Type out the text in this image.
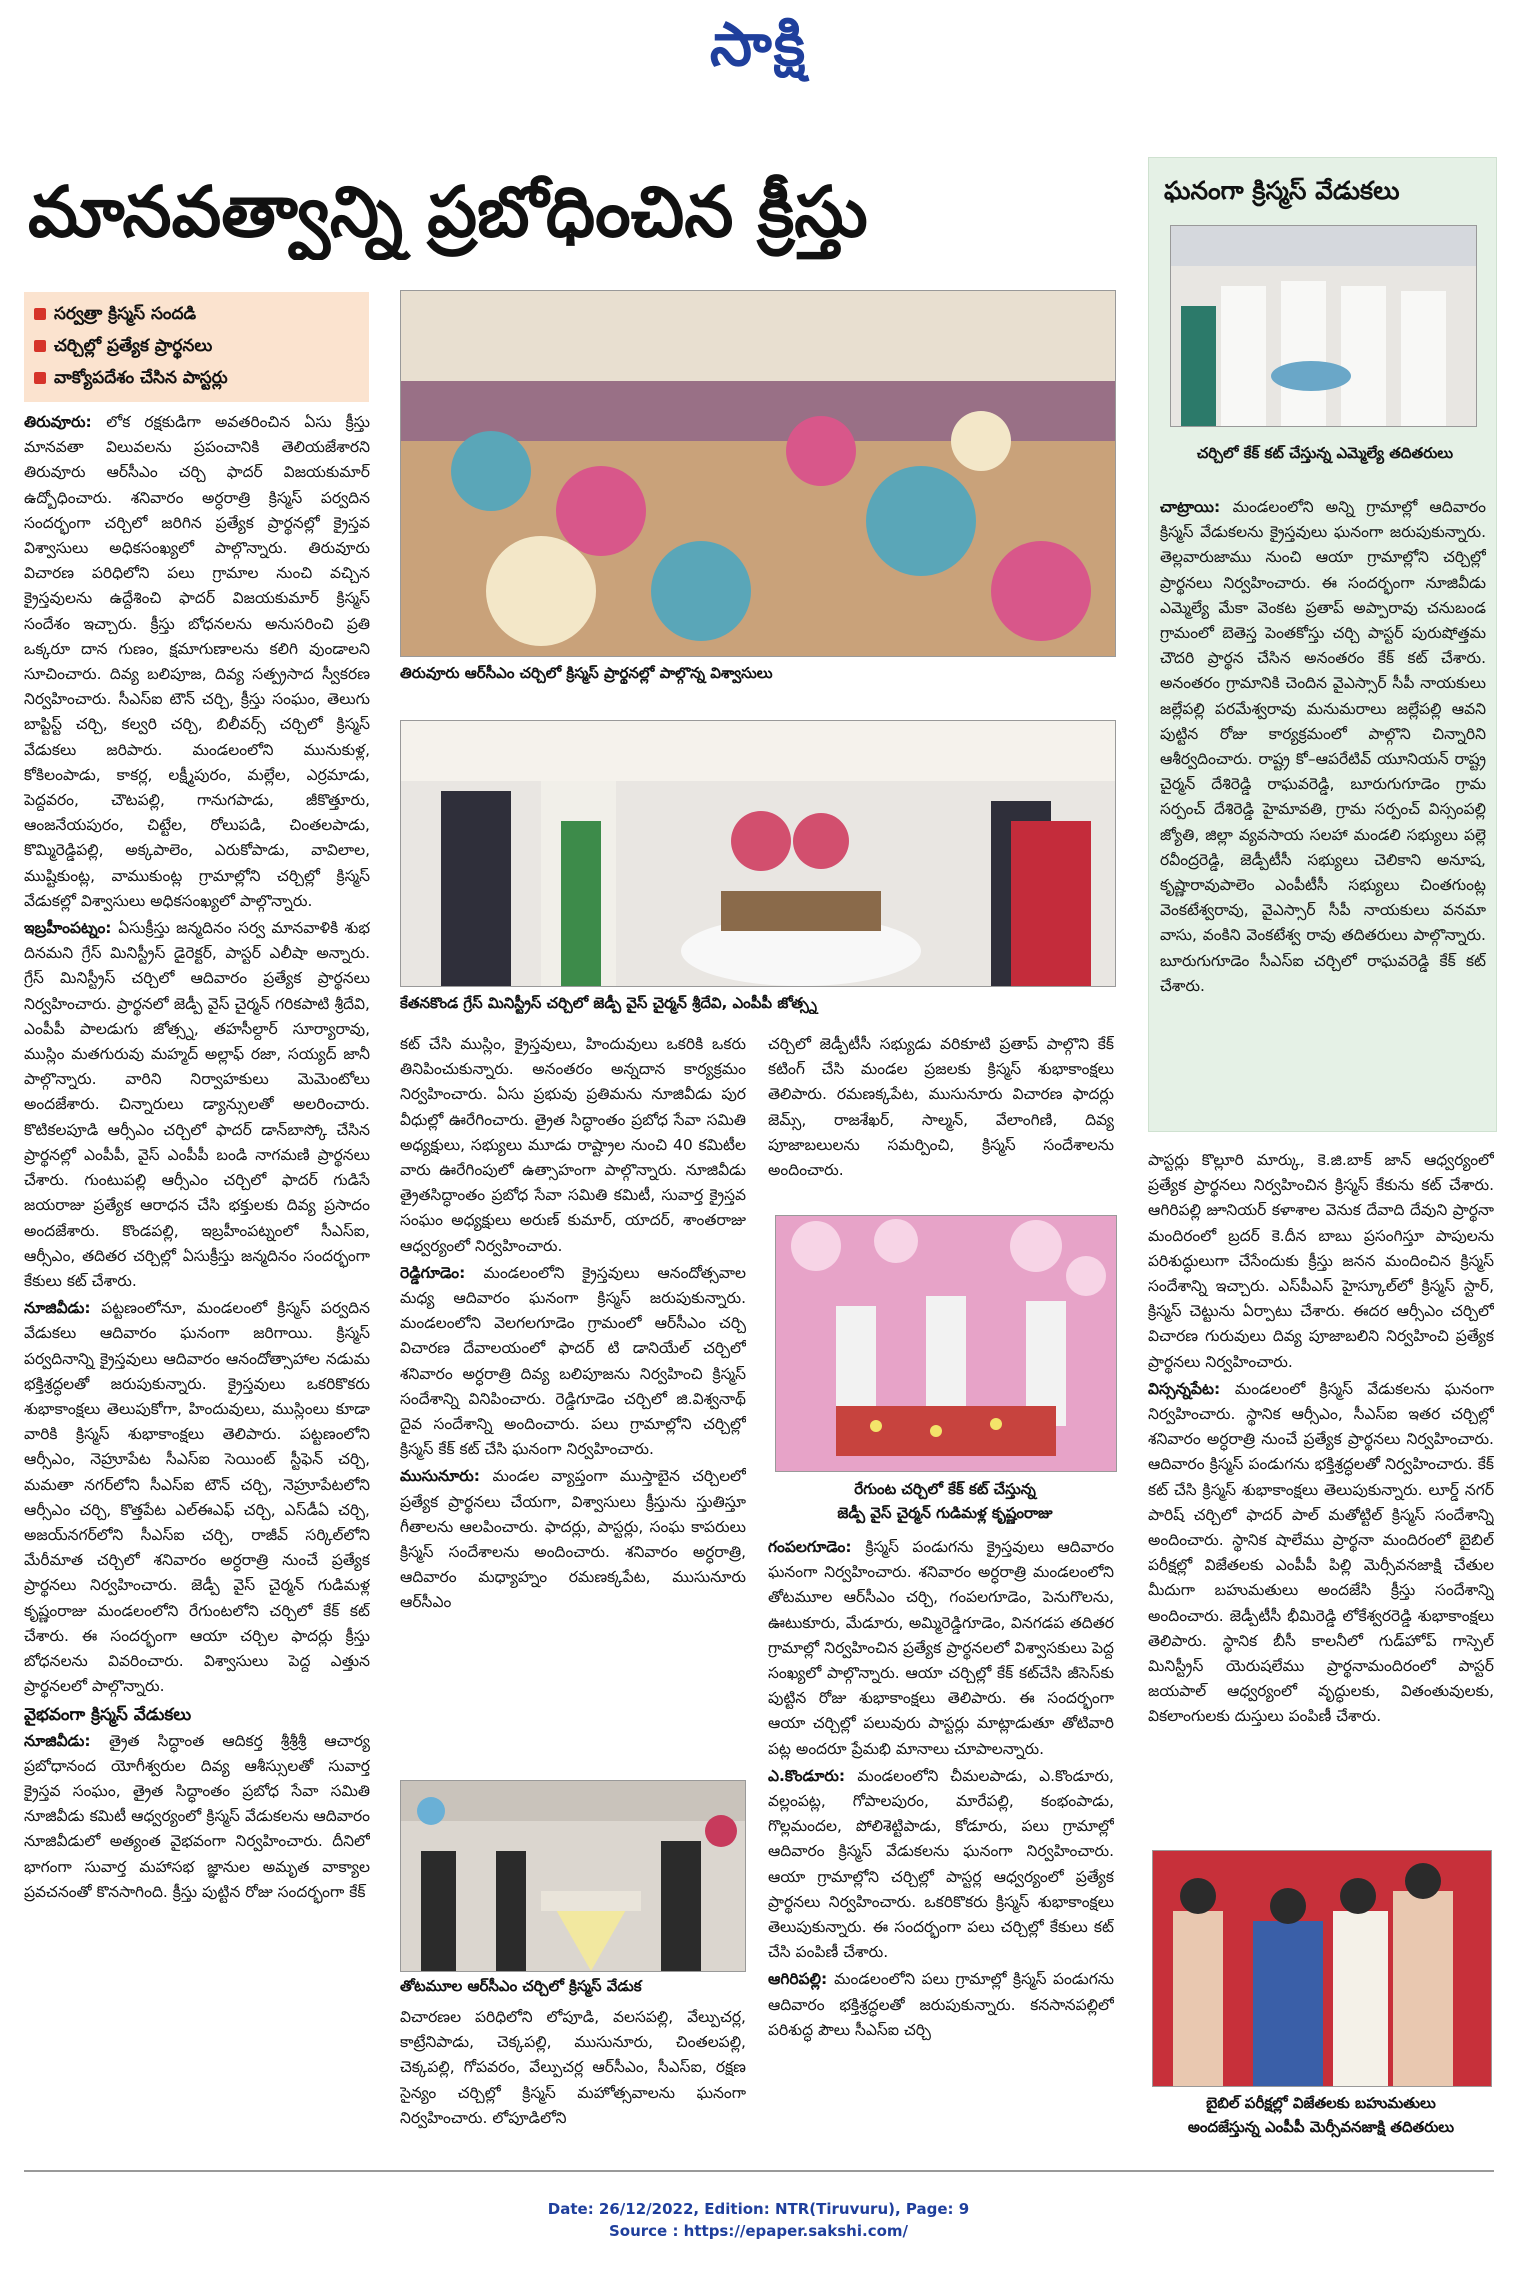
సాక్షి
మానవత్వాన్ని ప్రబోధించిన క్రీస్తు
సర్వత్రా క్రిస్మస్ సందడి
చర్చిల్లో ప్రత్యేక ప్రార్థనలు
వాక్యోపదేశం చేసిన పాస్టర్లు

తిరువూరు: లోక రక్షకుడిగా అవతరించిన ఏసు క్రీస్తు మానవతా విలువలను ప్రపంచానికి తెలియజేశారని తిరువూరు ఆర్‌సీఎం చర్చి ఫాదర్ విజయకుమార్ ఉద్బోధించారు. శనివారం అర్ధరాత్రి క్రిస్మస్ పర్వదిన సందర్భంగా చర్చిలో జరిగిన ప్రత్యేక ప్రార్థనల్లో క్రైస్తవ విశ్వాసులు అధికసంఖ్యలో పాల్గొన్నారు. తిరువూరు విచారణ పరిధిలోని పలు గ్రామాల నుంచి వచ్చిన క్రైస్తవులను ఉద్దేశించి ఫాదర్ విజయకుమార్ క్రిస్మస్ సందేశం ఇచ్చారు. క్రీస్తు బోధనలను అనుసరించి ప్రతి ఒక్కరూ దాన గుణం, క్షమాగుణాలను కలిగి వుండాలని సూచించారు. దివ్య బలిపూజ, దివ్య సత్ప్రసాద స్వీకరణ నిర్వహించారు. సీఎస్ఐ టౌన్ చర్చి, క్రీస్తు సంఘం, తెలుగు బాప్టిస్ట్ చర్చి, కల్వరి చర్చి, బిలీవర్స్ చర్చిలో క్రిస్మస్ వేడుకలు జరిపారు. మండలంలోని మునుకుళ్ల, కోకిలంపాడు, కాకర్ల, లక్ష్మీపురం, మల్లేల, ఎర్రమాడు, పెద్దవరం, చౌటపల్లి, గానుగపాడు, జీకొత్తూరు, ఆంజనేయపురం, చిట్టేల, రోలుపడి, చింతలపాడు, కొమ్మిరెడ్డిపల్లి, అక్కపాలెం, ఎరుకోపాడు, వావిలాల, ముష్టికుంట్ల, వాముకుంట్ల గ్రామాల్లోని చర్చిల్లో క్రిస్మస్ వేడుకల్లో విశ్వాసులు అధికసంఖ్యలో పాల్గొన్నారు.

ఇబ్రహీంపట్నం: ఏసుక్రీస్తు జన్మదినం సర్వ మానవాళికి శుభ దినమని గ్రేస్ మినిస్ట్రీస్ డైరెక్టర్, పాస్టర్ ఎలీషా అన్నారు. గ్రేస్ మినిస్ట్రీస్ చర్చిలో ఆదివారం ప్రత్యేక ప్రార్థనలు నిర్వహించారు. ప్రార్థనలో జెడ్పీ వైస్ చైర్మన్ గరికపాటి శ్రీదేవి, ఎంపీపీ పాలడుగు జోత్స్న, తహసీల్దార్ సూర్యారావు, ముస్లిం మతగురువు మహ్మద్ అల్లాఫ్ రజా, సయ్యద్ జానీ పాల్గొన్నారు. వారిని నిర్వాహకులు మెమెంటోలు అందజేశారు. చిన్నారులు డ్యాన్సులతో అలరించారు. కొటికలపూడి ఆర్సీఎం చర్చిలో ఫాదర్ డాన్‌బాస్కో చేసిన ప్రార్థనల్లో ఎంపీపీ, వైస్ ఎంపీపీ బండి నాగమణి ప్రార్థనలు చేశారు. గుంటుపల్లి ఆర్సీఎం చర్చిలో ఫాదర్ గుడిసే జయరాజు ప్రత్యేక ఆరాధన చేసి భక్తులకు దివ్య ప్రసాదం అందజేశారు. కొండపల్లి, ఇబ్రహీంపట్నంలో సీఎస్ఐ, ఆర్సీఎం, తదితర చర్చిల్లో ఏసుక్రీస్తు జన్మదినం సందర్భంగా కేకులు కట్ చేశారు.

నూజివీడు: పట్టణంలోనూ, మండలంలో క్రిస్మస్ పర్వదిన వేడుకలు ఆదివారం ఘనంగా జరిగాయి. క్రిస్మస్ పర్వదినాన్ని క్రైస్తవులు ఆదివారం ఆనందోత్సాహాల నడుమ భక్తిశ్రద్ధలతో జరుపుకున్నారు. క్రైస్తవులు ఒకరికొకరు శుభాకాంక్షలు తెలుపుకోగా, హిందువులు, ముస్లింలు కూడా వారికి క్రిస్మస్ శుభాకాంక్షలు తెలిపారు. పట్టణంలోని ఆర్సీఎం, నెహ్రూపేట సీఎస్ఐ సెయింట్ స్టీఫెన్ చర్చి, మమతా నగర్‌లోని సీఎస్ఐ టౌన్ చర్చి, నెహ్రూపేటలోని ఆర్సీఎం చర్చి, కొత్తపేట ఎల్‌ఈఎఫ్ చర్చి, ఎస్‌డీఏ చర్చి, అజయ్‌నగర్‌లోని సీఎస్ఐ చర్చి, రాజీవ్ సర్కిల్‌లోని మేరీమాత చర్చిలో శనివారం అర్ధరాత్రి నుంచే ప్రత్యేక ప్రార్థనలు నిర్వహించారు. జెడ్పీ వైస్ చైర్మన్ గుడిమళ్ల కృష్ణంరాజు మండలంలోని రేగుంటలోని చర్చిలో కేక్ కట్ చేశారు. ఈ సందర్భంగా ఆయా చర్చిల ఫాదర్లు క్రీస్తు బోధనలను వివరించారు. విశ్వాసులు పెద్ద ఎత్తున ప్రార్థనలలో పాల్గొన్నారు.

వైభవంగా క్రిస్మస్ వేడుకలు

నూజివీడు: త్రైత సిద్ధాంత ఆదికర్త శ్రీశ్రీశ్రీ ఆచార్య ప్రబోధానంద యోగీశ్వరుల దివ్య ఆశీస్సులతో సువార్త క్రైస్తవ సంఘం, త్రైత సిద్ధాంతం ప్రబోధ సేవా సమితి నూజివీడు కమిటీ ఆధ్వర్యంలో క్రిస్మస్ వేడుకలను ఆదివారం నూజివీడులో అత్యంత వైభవంగా నిర్వహించారు. దీనిలో భాగంగా సువార్త మహాసభ జ్ఞానుల అమృత వాక్యాల ప్రవచనంతో కొనసాగింది. క్రీస్తు పుట్టిన రోజు సందర్భంగా కేక్

తిరువూరు ఆర్‌సీఎం చర్చిలో క్రిస్మస్ ప్రార్థనల్లో పాల్గొన్న విశ్వాసులు
కేతనకొండ గ్రేస్ మినిస్ట్రీస్ చర్చిలో జెడ్పీ వైస్ చైర్మన్ శ్రీదేవి, ఎంపీపీ జోత్స్న

కట్ చేసి ముస్లిం, క్రైస్తవులు, హిందువులు ఒకరికి ఒకరు తినిపించుకున్నారు. అనంతరం అన్నదాన కార్యక్రమం నిర్వహించారు. ఏసు ప్రభువు ప్రతిమను నూజివీడు పుర వీధుల్లో ఊరేగించారు. త్రైత సిద్ధాంతం ప్రబోధ సేవా సమితి అధ్యక్షులు, సభ్యులు మూడు రాష్ట్రాల నుంచి 40 కమిటీల వారు ఊరేగింపులో ఉత్సాహంగా పాల్గొన్నారు. నూజివీడు త్రైతసిద్ధాంతం ప్రబోధ సేవా సమితి కమిటీ, సువార్త క్రైస్తవ సంఘం అధ్యక్షులు అరుణ్ కుమార్, యాదర్, శాంతరాజు ఆధ్వర్యంలో నిర్వహించారు.

రెడ్డిగూడెం: మండలంలోని క్రైస్తవులు ఆనందోత్సవాల మధ్య ఆదివారం ఘనంగా క్రిస్మస్ జరుపుకున్నారు. మండలంలోని వెలగలగూడెం గ్రామంలో ఆర్‌సీఎం చర్చి విచారణ దేవాలయంలో ఫాదర్ టి డానియేల్ చర్చిలో శనివారం అర్ధరాత్రి దివ్య బలిపూజను నిర్వహించి క్రిస్మస్ సందేశాన్ని వినిపించారు. రెడ్డిగూడెం చర్చిలో జి.విశ్వనాథ్ దైవ సందేశాన్ని అందించారు. పలు గ్రామాల్లోని చర్చిల్లో క్రిస్మస్ కేక్ కట్ చేసి ఘనంగా నిర్వహించారు.

ముసునూరు: మండల వ్యాప్తంగా ముస్తాబైన చర్చిలలో ప్రత్యేక ప్రార్థనలు చేయగా, విశ్వాసులు క్రీస్తును స్తుతిస్తూ గీతాలను ఆలపించారు. ఫాదర్లు, పాస్టర్లు, సంఘ కాపరులు క్రిస్మస్ సందేశాలను అందించారు. శనివారం అర్ధరాత్రి, ఆదివారం మధ్యాహ్నం రమణక్కపేట, ముసునూరు ఆర్‌సీఎం

తోటమూల ఆర్‌సీఎం చర్చిలో క్రిస్మస్ వేడుక

విచారణల పరిధిలోని లోపూడి, వలసపల్లి, వేల్పుచర్ల, కాట్రేనిపాడు, చెక్కపల్లి, ముసునూరు, చింతలపల్లి, చెక్కపల్లి, గోపవరం, వేల్పుచర్ల ఆర్‌సీఎం, సీఎస్ఐ, రక్షణ సైన్యం చర్చిల్లో క్రిస్మస్ మహోత్సవాలను ఘనంగా నిర్వహించారు. లోపూడిలోని

చర్చిలో జెడ్పీటీసీ సభ్యుడు వరికూటి ప్రతాప్ పాల్గొని కేక్ కటింగ్ చేసి మండల ప్రజలకు క్రిస్మస్ శుభాకాంక్షలు తెలిపారు. రమణక్కపేట, ముసునూరు విచారణ ఫాదర్లు జెమ్స్, రాజశేఖర్, సాల్మన్, వేలాంగిణి, దివ్య పూజాబలులను సమర్పించి, క్రిస్మస్ సందేశాలను అందించారు.

రేగుంట చర్చిలో కేక్ కట్ చేస్తున్న
జెడ్పీ వైస్ చైర్మన్ గుడిమళ్ల కృష్ణంరాజు

గంపలగూడెం: క్రిస్మస్ పండుగను క్రైస్తవులు ఆదివారం ఘనంగా నిర్వహించారు. శనివారం అర్ధరాత్రి మండలంలోని తోటమూల ఆర్‌సీఎం చర్చి, గంపలగూడెం, పెనుగొలను, ఊటుకూరు, మేడూరు, అమ్మిరెడ్డిగూడెం, వినగడప తదితర గ్రామాల్లో నిర్వహించిన ప్రత్యేక ప్రార్థనలలో విశ్వాసకులు పెద్ద సంఖ్యలో పాల్గొన్నారు. ఆయా చర్చిల్లో కేక్ కట్‌చేసి జీసెస్‌కు పుట్టిన రోజు శుభాకాంక్షలు తెలిపారు. ఈ సందర్భంగా ఆయా చర్చిల్లో పలువురు పాస్టర్లు మాట్లాడుతూ తోటివారి పట్ల అందరూ ప్రేమభి మానాలు చూపాలన్నారు.

ఎ.కొండూరు: మండలంలోని చీమలపాడు, ఎ.కొండూరు, వల్లంపట్ల, గోపాలపురం, మారేపల్లి, కంభంపాడు, గొల్లమందల, పోలిశెట్టిపాడు, కోడూరు, పలు గ్రామాల్లో ఆదివారం క్రిస్మస్ వేడుకలను ఘనంగా నిర్వహించారు. ఆయా గ్రామాల్లోని చర్చిల్లో పాస్టర్ల ఆధ్వర్యంలో ప్రత్యేక ప్రార్థనలు నిర్వహించారు. ఒకరికొకరు క్రిస్మస్ శుభాకాంక్షలు తెలుపుకున్నారు. ఈ సందర్భంగా పలు చర్చిల్లో కేకులు కట్ చేసి పంపిణీ చేశారు.

ఆగిరిపల్లి: మండలంలోని పలు గ్రామాల్లో క్రిస్మస్ పండుగను ఆదివారం భక్తిశ్రద్ధలతో జరుపుకున్నారు. కనసానపల్లిలో పరిశుద్ధ పౌలు సీఎస్ఐ చర్చి

ఘనంగా క్రిస్మస్ వేడుకలు
చర్చిలో కేక్ కట్ చేస్తున్న ఎమ్మెల్యే తదితరులు

చాట్రాయి: మండలంలోని అన్ని గ్రామాల్లో ఆదివారం క్రిస్మస్ వేడుకలను క్రైస్తవులు ఘనంగా జరుపుకున్నారు. తెల్లవారుజాము నుంచి ఆయా గ్రామాల్లోని చర్చిల్లో ప్రార్థనలు నిర్వహించారు. ఈ సందర్భంగా నూజివీడు ఎమ్మెల్యే మేకా వెంకట ప్రతాప్ అప్పారావు చనుబండ గ్రామంలో బెతెస్త పెంతకోస్తు చర్చి పాస్టర్ పురుషోత్తమ చౌదరి ప్రార్థన చేసిన అనంతరం కేక్ కట్ చేశారు. అనంతరం గ్రామానికి చెందిన వైఎస్సార్ సీపీ నాయకులు జల్లేపల్లి పరమేశ్వరావు మనుమరాలు జల్లేపల్లి ఆవని పుట్టిన రోజు కార్యక్రమంలో పాల్గొని చిన్నారిని ఆశీర్వదించారు. రాష్ట్ర కో–ఆపరేటివ్ యూనియన్ రాష్ట్ర చైర్మన్ దేశిరెడ్డి రాఘవరెడ్డి, బూరుగుగూడెం గ్రామ సర్పంచ్ దేశిరెడ్డి హైమావతి, గ్రామ సర్పంచ్ విస్సంపల్లి జ్యోతి, జిల్లా వ్యవసాయ సలహా మండలి సభ్యులు పల్లె రవీంద్రరెడ్డి, జెడ్పీటీసీ సభ్యులు చెలికాని అనూష, కృష్ణారావుపాలెం ఎంపీటీసీ సభ్యులు చింతగుంట్ల వెంకటేశ్వరావు, వైఎస్సార్ సీపీ నాయకులు వనమా వాసు, వంకిని వెంకటేశ్వ రావు తదితరులు పాల్గొన్నారు. బూరుగుగూడెం సీఎస్ఐ చర్చిలో రాఘవరెడ్డి కేక్ కట్ చేశారు.

పాస్టర్లు కొల్లూరి మార్కు, కె.జి.బాక్ జాన్ ఆధ్వర్యంలో ప్రత్యేక ప్రార్థనలు నిర్వహించిన క్రిస్మస్ కేకును కట్ చేశారు. ఆగిరిపల్లి జూనియర్ కళాశాల వెనుక దేవాది దేవుని ప్రార్థనా మందిరంలో బ్రదర్ కె.దీన బాబు ప్రసంగిస్తూ పాపులను పరిశుద్ధులుగా చేసేందుకు క్రీస్తు జనన మందించిన క్రిస్మస్ సందేశాన్ని ఇచ్చారు. ఎస్‌పీఎస్ హైస్కూల్‌లో క్రిస్మస్ స్టార్, క్రిస్మస్ చెట్టును ఏర్పాటు చేశారు. ఈదర ఆర్సీఎం చర్చిలో విచారణ గురువులు దివ్య పూజాబలిని నిర్వహించి ప్రత్యేక ప్రార్థనలు నిర్వహించారు.

విస్సన్నపేట: మండలంలో క్రిస్మస్ వేడుకలను ఘనంగా నిర్వహించారు. స్థానిక ఆర్సీఎం, సీఎస్ఐ ఇతర చర్చిల్లో శనివారం అర్ధరాత్రి నుంచే ప్రత్యేక ప్రార్థనలు నిర్వహించారు. ఆదివారం క్రిస్మస్ పండుగను భక్తిశ్రద్ధలతో నిర్వహించారు. కేక్ కట్ చేసి క్రిస్మస్ శుభాకాంక్షలు తెలుపుకున్నారు. లూర్డ్ నగర్ పారిష్ చర్చిలో ఫాదర్ పాల్ మతోట్టిల్ క్రిస్మస్ సందేశాన్ని అందించారు. స్థానిక షాలేము ప్రార్థనా మందిరంలో బైబిల్ పరీక్షల్లో విజేతలకు ఎంపీపీ పిల్లి మెర్సీవనజాక్షి చేతుల మీదుగా బహుమతులు అందజేసి క్రీస్తు సందేశాన్ని అందించారు. జెడ్పీటీసీ భీమిరెడ్డి లోకేశ్వరరెడ్డి శుభాకాంక్షలు తెలిపారు. స్థానిక బీసీ కాలనీలో గుడ్‌హోప్ గాస్పెల్ మినిస్ట్రీస్ యెరుషలేము ప్రార్థనామందిరంలో పాస్టర్ జయపాల్ ఆధ్వర్యంలో వృద్ధులకు, వితంతువులకు, వికలాంగులకు దుస్తులు పంపిణీ చేశారు.

బైబిల్ పరీక్షల్లో విజేతలకు బహుమతులు
అందజేస్తున్న ఎంపీపీ మెర్సీవనజాక్షి తదితరులు
Date: 26/12/2022, Edition: NTR(Tiruvuru), Page: 9
Source : https://epaper.sakshi.com/
